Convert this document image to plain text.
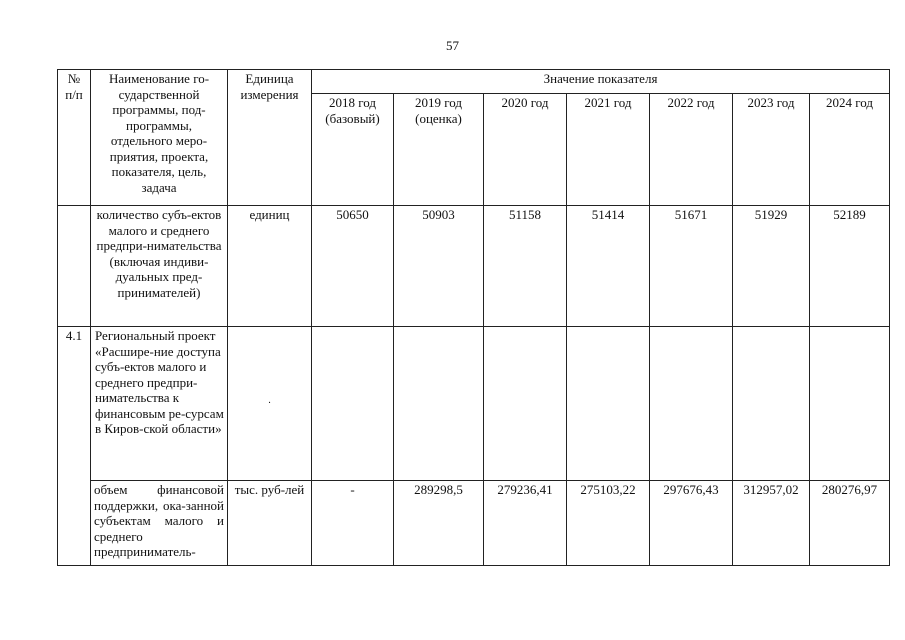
57
№ п/п	Наименование го-сударственной программы, под-программы, отдельного меро-приятия, проекта, показателя, цель, задача	Единица измерения	Значение показателя						
			2018 год (базовый)	2019 год (оценка)	2020 год	2021 год	2022 год	2023 год	2024 год
	количество субъ-ектов малого и среднего предпри-нимательства (включая индиви-дуальных пред-принимателей)	единиц	50650	50903	51158	51414	51671	51929	52189
4.1	Региональный проект «Расшире-ние доступа субъ-ектов малого и среднего предпри-нимательства к финансовым ре-сурсам в Киров-ской области»	·							
	объем финансовой поддержки, ока-занной субъектам малого и среднего предприниматель-	тыс. руб-лей	-	289298,5	279236,41	275103,22	297676,43	312957,02	280276,97
